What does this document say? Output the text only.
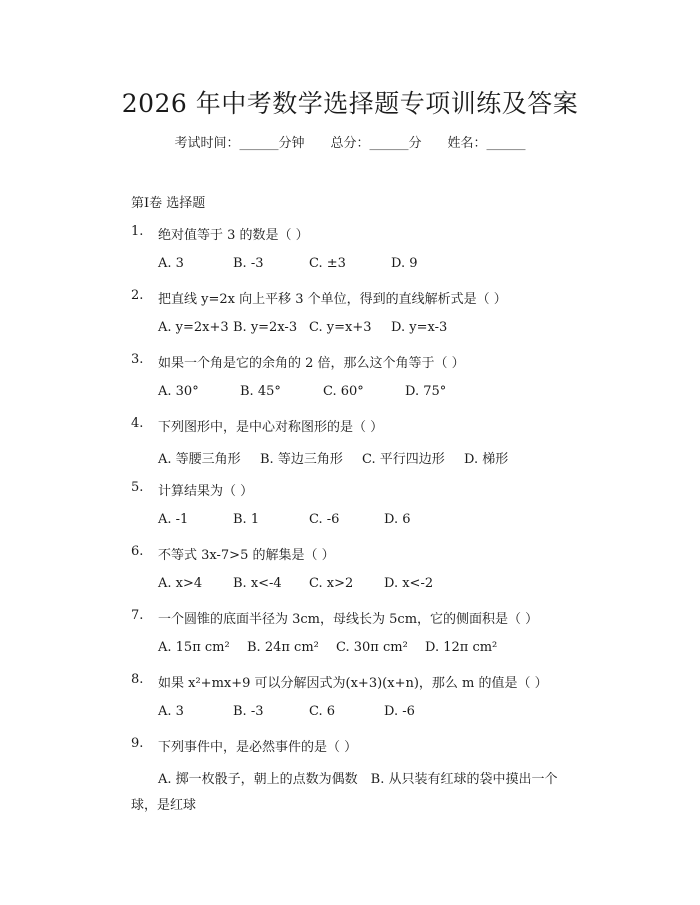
2026 年中考数学选择题专项训练及答案
考试时间：______分钟 总分：______分 姓名：______
第Ⅰ卷 选择题
1. 绝对值等于 3 的数是（ ）
A. 3	B. -3	C. ±3	D. 9
2. 把直线 y=2x 向上平移 3 个单位，得到的直线解析式是（ ）
A. y=2x+3 B. y=2x-3 C. y=x+3 D. y=x-3
3. 如果一个角是它的余角的 2 倍，那么这个角等于（ ）
A. 30°	B. 45°	C. 60°	D. 75°
4. 下列图形中，是中心对称图形的是（ ）
A. 等腰三角形 B. 等边三角形 C. 平行四边形 D. 梯形
5. 计算结果为（ ）
A. -1	B. 1	C. -6	D. 6
6. 不等式 3x-7>5 的解集是（ ）
A. x>4 B. x<-4 C. x>2 D. x<-2
7. 一个圆锥的底面半径为 3cm，母线长为 5cm，它的侧面积是（ ）
A. 15π cm² B. 24π cm² C. 30π cm² D. 12π cm²
8. 如果 x²+mx+9 可以分解因式为(x+3)(x+n)，那么 m 的值是（ ）
A. 3	B. -3	C. 6	D. -6
9. 下列事件中，是必然事件的是（ ）
A. 掷一枚骰子，朝上的点数为偶数　B. 从只装有红球的袋中摸出一个
球，是红球
